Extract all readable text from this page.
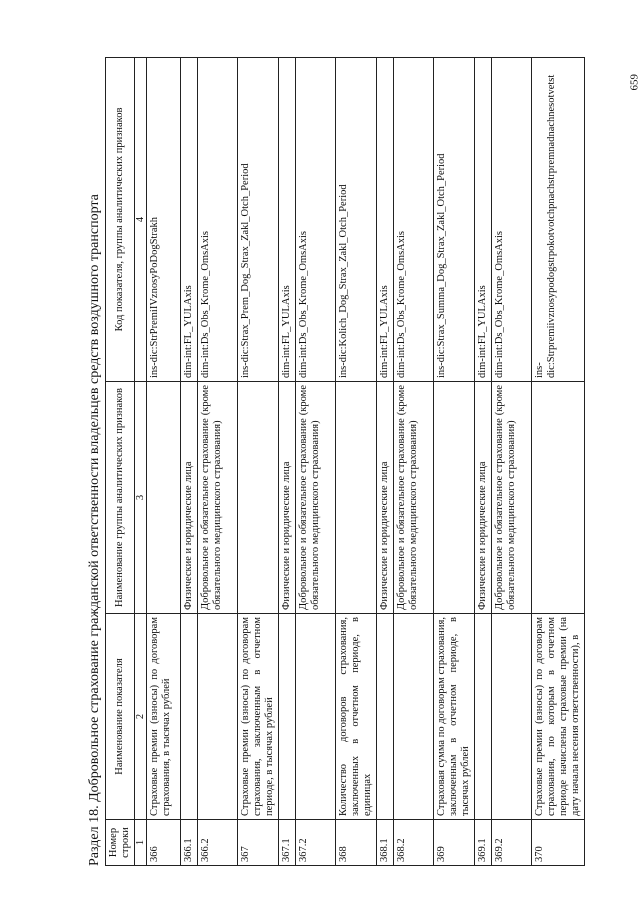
659
Раздел 18. Добровольное страхование гражданской ответственности владельцев средств воздушного транспорта Номер строки	Наименование показателя	Наименование группы аналитических признаков	Код показателя, группы аналитических признаков
1	2	3	4
366	Страховые премии (взносы) по договорам страхования, в тысячах рублей		ins-dic:StrPremiIVznosyPoDogStrakh
366.1		Физические и юридические лица	dim-int:FL_YULAxis
366.2		Добровольное и обязательное страхование (кроме обязательного медицинского страхования)	dim-int:Ds_Obs_Krome_OmsAxis
367	Страховые премии (взносы) по договорам страхования, заключенным в отчетном периоде, в тысячах рублей		ins-dic:Strax_Prem_Dog_Strax_Zakl_Otch_Period
367.1		Физические и юридические лица	dim-int:FL_YULAxis
367.2		Добровольное и обязательное страхование (кроме обязательного медицинского страхования)	dim-int:Ds_Obs_Krome_OmsAxis
368	Количество договоров страхования, заключенных в отчетном периоде, в единицах		ins-dic:Kolich_Dog_Strax_Zakl_Otch_Period
368.1		Физические и юридические лица	dim-int:FL_YULAxis
368.2		Добровольное и обязательное страхование (кроме обязательного медицинского страхования)	dim-int:Ds_Obs_Krome_OmsAxis
369	Страховая сумма по договорам страхования, заключенным в отчетном периоде, в тысячах рублей		ins-dic:Strax_Summa_Dog_Strax_Zakl_Otch_Period
369.1		Физические и юридические лица	dim-int:FL_YULAxis
369.2		Добровольное и обязательное страхование (кроме обязательного медицинского страхования)	dim-int:Ds_Obs_Krome_OmsAxis
370	Страховые премии (взносы) по договорам страхования, по которым в отчетном периоде начислены страховые премии (на дату начала несения ответственности), в		ins-dic:Strpremiivznosypodogstrpokotvotchpnachstrpremnadnachnesotvetst
